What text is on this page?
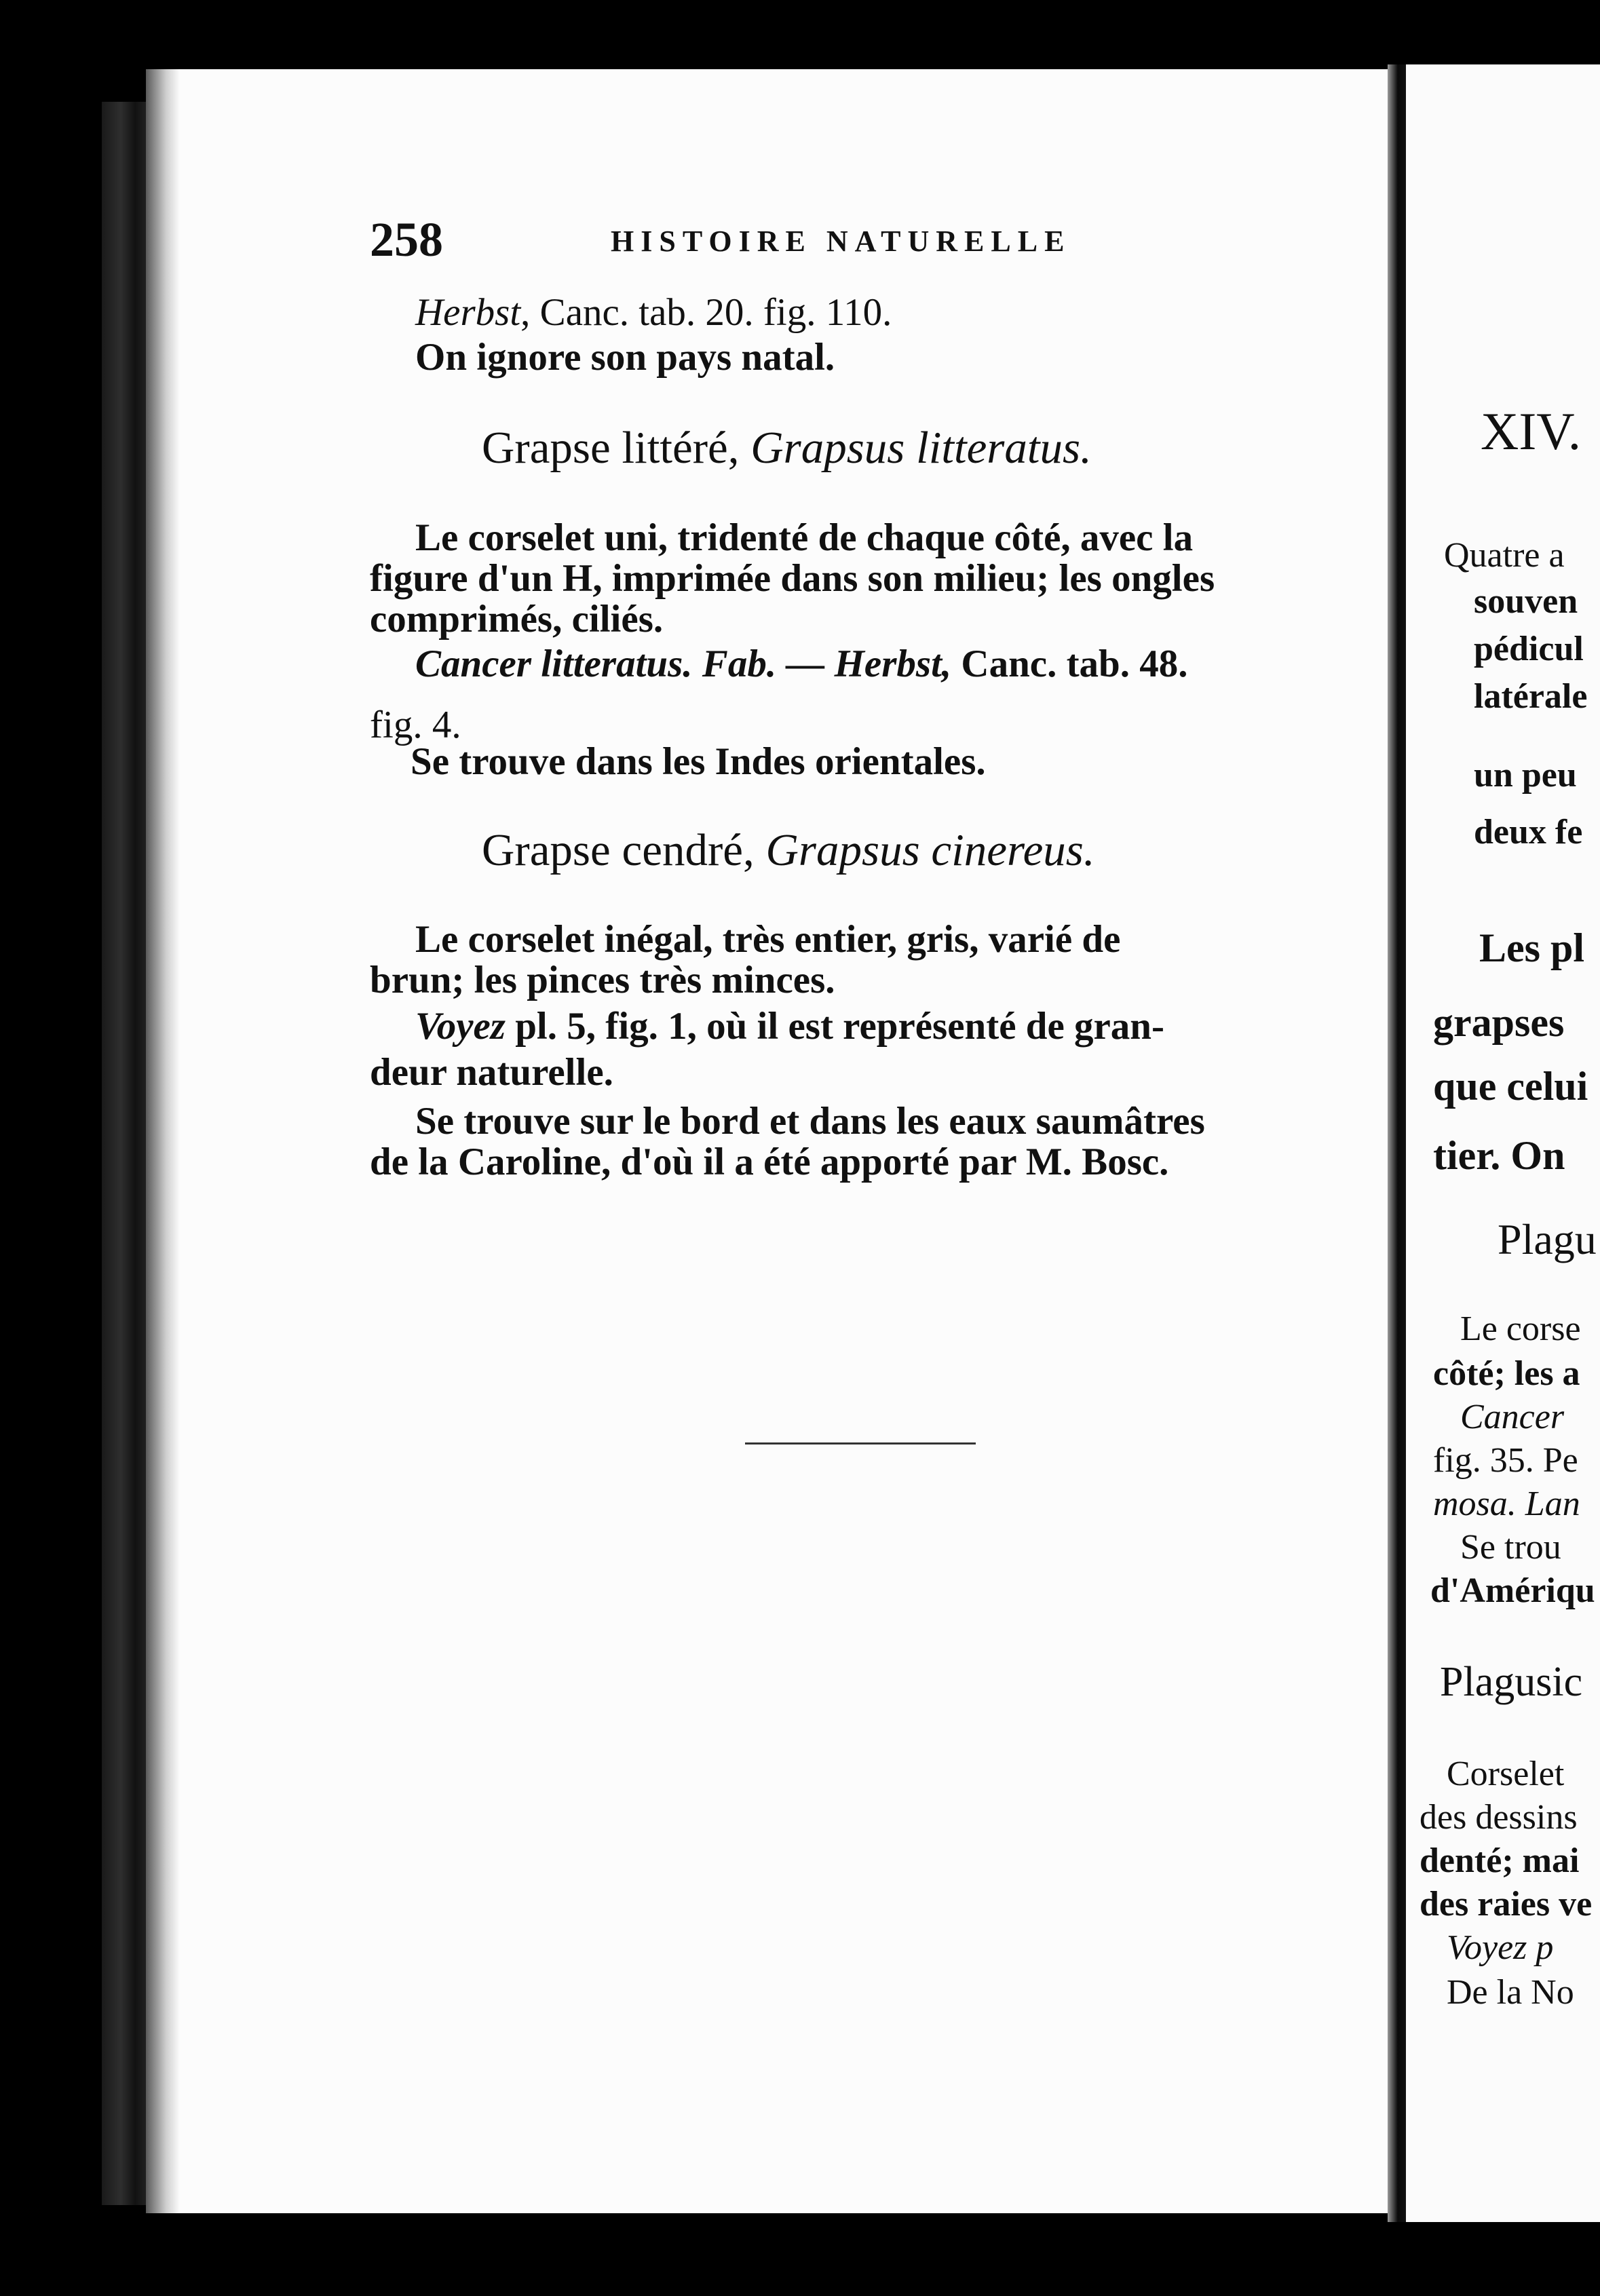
258	HISTOIRE NATURELLE
Herbst, Canc. tab. 20. fig. 110.
On ignore son pays natal.
Grapse littéré, Grapsus litteratus.
Le corselet uni, tridenté de chaque côté, avec la
figure d'un H, imprimée dans son milieu; les ongles
comprimés, ciliés.
Cancer litteratus. Fab. — Herbst, Canc. tab. 48.
fig. 4.
Se trouve dans les Indes orientales.
Grapse cendré, Grapsus cinereus.
Le corselet inégal, très entier, gris, varié de
brun; les pinces très minces.
Voyez pl. 5, fig. 1, où il est représenté de gran-
deur naturelle.
Se trouve sur le bord et dans les eaux saumâtres
de la Caroline, d'où il a été apporté par M. Bosc.
XIV.
Quatre a
souven
pédicul
latérale
un peu
deux fe
Les pl
grapses
que celui
tier. On
Plagu
Le corse
côté; les a
Cancer
fig. 35. Pe
mosa. Lan
Se trou
d'Amériqu
Plagusic
Corselet
des dessins
denté; mai
des raies ve
Voyez p
De la No
